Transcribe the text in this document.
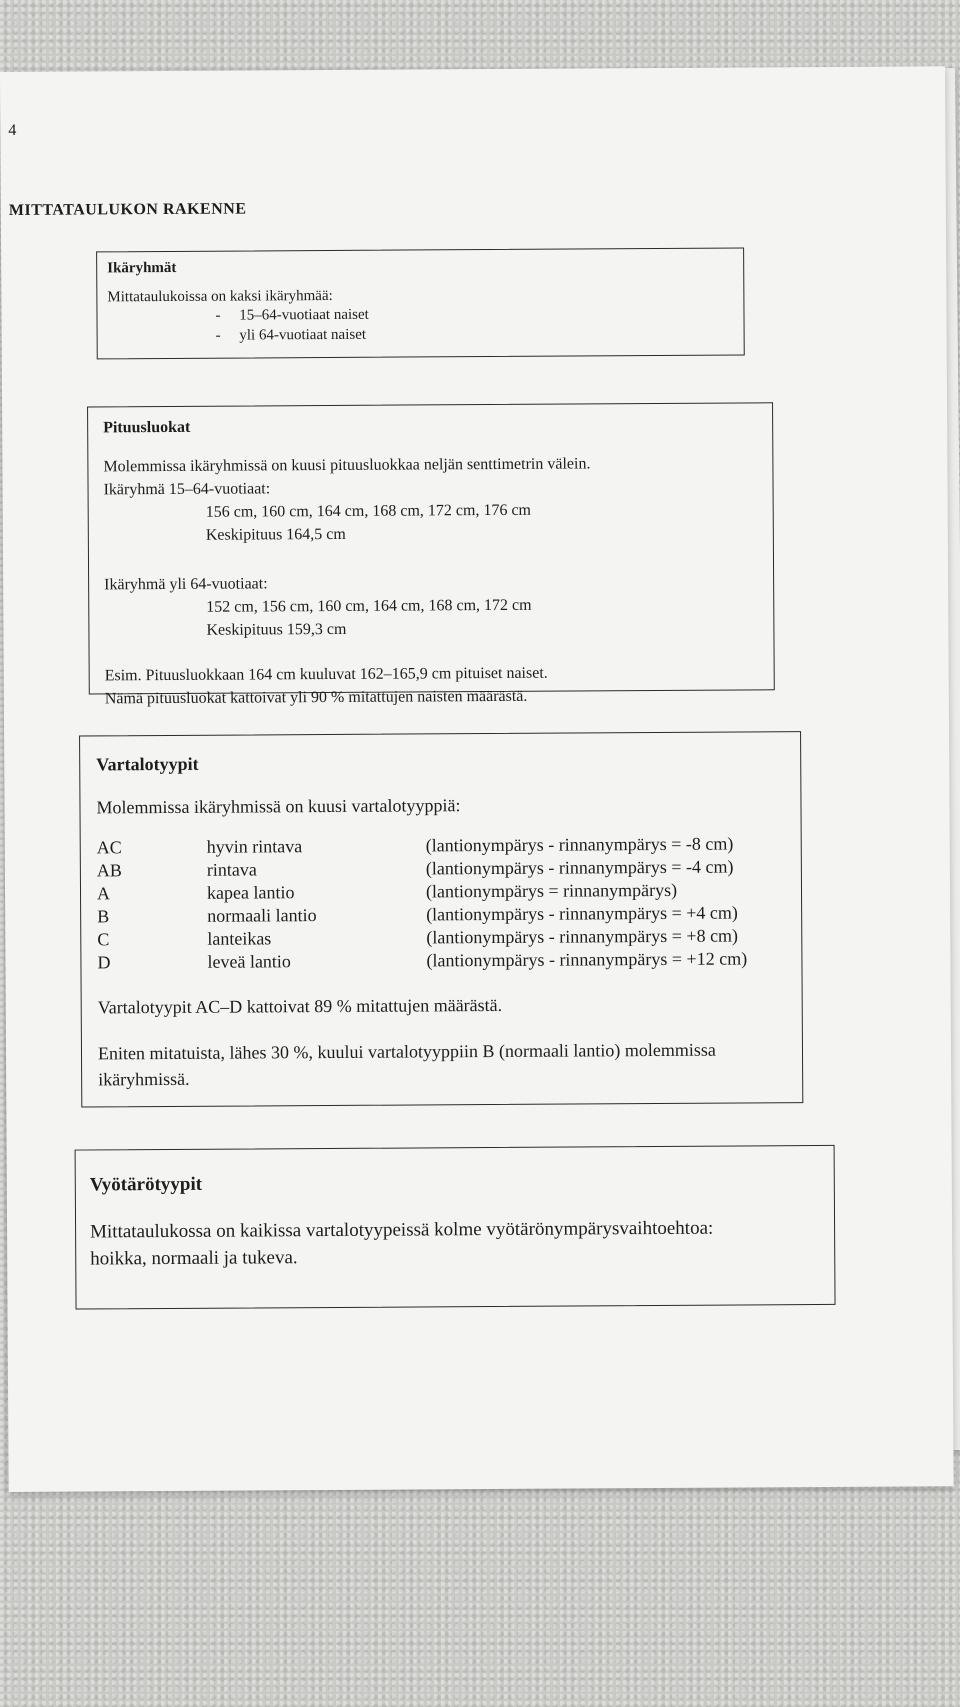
4
MITTATAULUKON RAKENNE
Ikäryhmät
Mittataulukoissa on kaksi ikäryhmää:
-     15–64-vuotiaat naiset
-     yli 64-vuotiaat naiset
Pituusluokat
Molemmissa ikäryhmissä on kuusi pituusluokkaa neljän senttimetrin välein.
Ikäryhmä 15–64-vuotiaat:
156 cm, 160 cm, 164 cm, 168 cm, 172 cm, 176 cm
Keskipituus 164,5 cm
Ikäryhmä yli 64-vuotiaat:
152 cm, 156 cm, 160 cm, 164 cm, 168 cm, 172 cm
Keskipituus 159,3 cm
Esim. Pituusluokkaan 164 cm kuuluvat 162–165,9 cm pituiset naiset.
Nämä pituusluokat kattoivat yli 90 % mitattujen naisten määrästä.
Vartalotyypit
Molemmissa ikäryhmissä on kuusi vartalotyyppiä:
AC	hyvin rintava	(lantionympärys - rinnanympärys = -8 cm)
AB	rintava	(lantionympärys - rinnanympärys = -4 cm)
A	kapea lantio	(lantionympärys = rinnanympärys)
B	normaali lantio	(lantionympärys - rinnanympärys = +4 cm)
C	lanteikas	(lantionympärys - rinnanympärys = +8 cm)
D	leveä lantio	(lantionympärys - rinnanympärys = +12 cm)
Vartalotyypit AC–D kattoivat 89 % mitattujen määrästä.
Eniten mitatuista, lähes 30 %, kuului vartalotyyppiin B (normaali lantio) molemmissa ikäryhmissä.
Vyötärötyypit
Mittataulukossa on kaikissa vartalotyypeissä kolme vyötärönympärysvaihtoehtoa:
hoikka, normaali ja tukeva.
